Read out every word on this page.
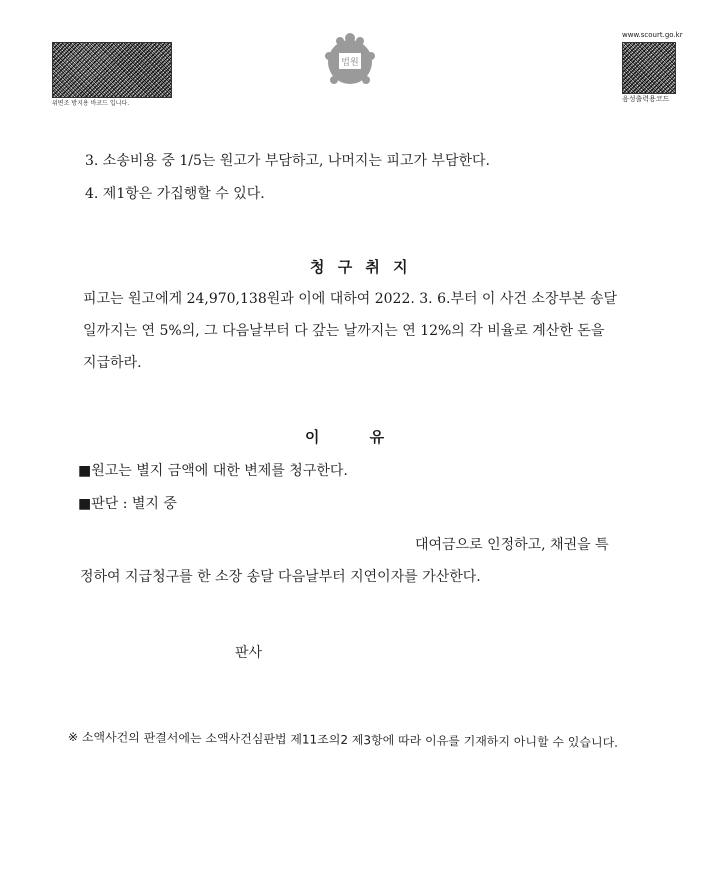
위변조 방지용 바코드 입니다.
법원
www.scourt.go.kr
음성출력용코드
3. 소송비용 중 1/5는 원고가 부담하고, 나머지는 피고가 부담한다.
4. 제1항은 가집행할 수 있다.
청 구 취 지
피고는 원고에게 24,970,138원과 이에 대하여 2022. 3. 6.부터 이 사건 소장부본 송달
일까지는 연 5%의, 그 다음날부터 다 갚는 날까지는 연 12%의 각 비율로 계산한 돈을
지급하라.
이     유
■원고는 별지 금액에 대한 변제를 청구한다.
■판단 : 별지 중
대여금으로 인정하고, 채권을 특
정하여 지급청구를 한 소장 송달 다음날부터 지연이자를 가산한다.
판사
※ 소액사건의 판결서에는 소액사건심판법 제11조의2 제3항에 따라 이유를 기재하지 아니할 수 있습니다.
